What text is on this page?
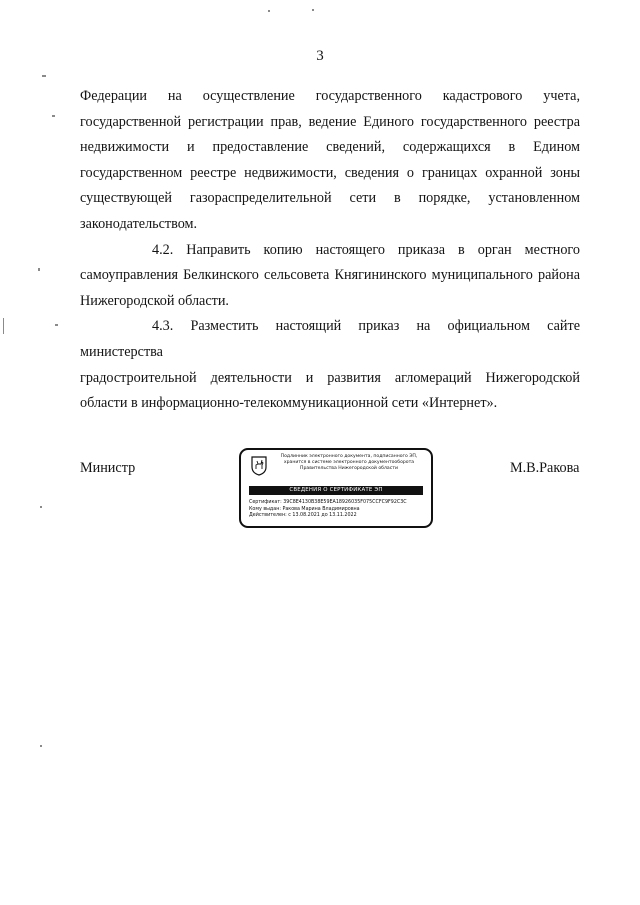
3
Федерации на осуществление государственного кадастрового учета,
государственной регистрации прав, ведение Единого государственного реестра
недвижимости и предоставление сведений, содержащихся в Едином
государственном реестре недвижимости, сведения о границах охранной зоны
существующей газораспределительной сети в порядке, установленном
законодательством.
4.2. Направить копию настоящего приказа в орган местного
самоуправления Белкинского сельсовета Княгининского муниципального района
Нижегородской области.
4.3. Разместить настоящий приказ на официальном сайте министерства
градостроительной деятельности и развития агломераций Нижегородской
области в информационно-телекоммуникационной сети «Интернет».
Министр
Подлинник электронного документа, подписанного ЭП,
хранится в системе электронного документооборота
Правительства Нижегородской области
СВЕДЕНИЯ О СЕРТИФИКАТЕ ЭП
Сертификат: 39C8E4130B38E59EA18926035F075CCFC9F92C3C
Кому выдан: Ракова Марина Владимировна
Действителен: с 13.08.2021 до 13.11.2022
М.В.Ракова
